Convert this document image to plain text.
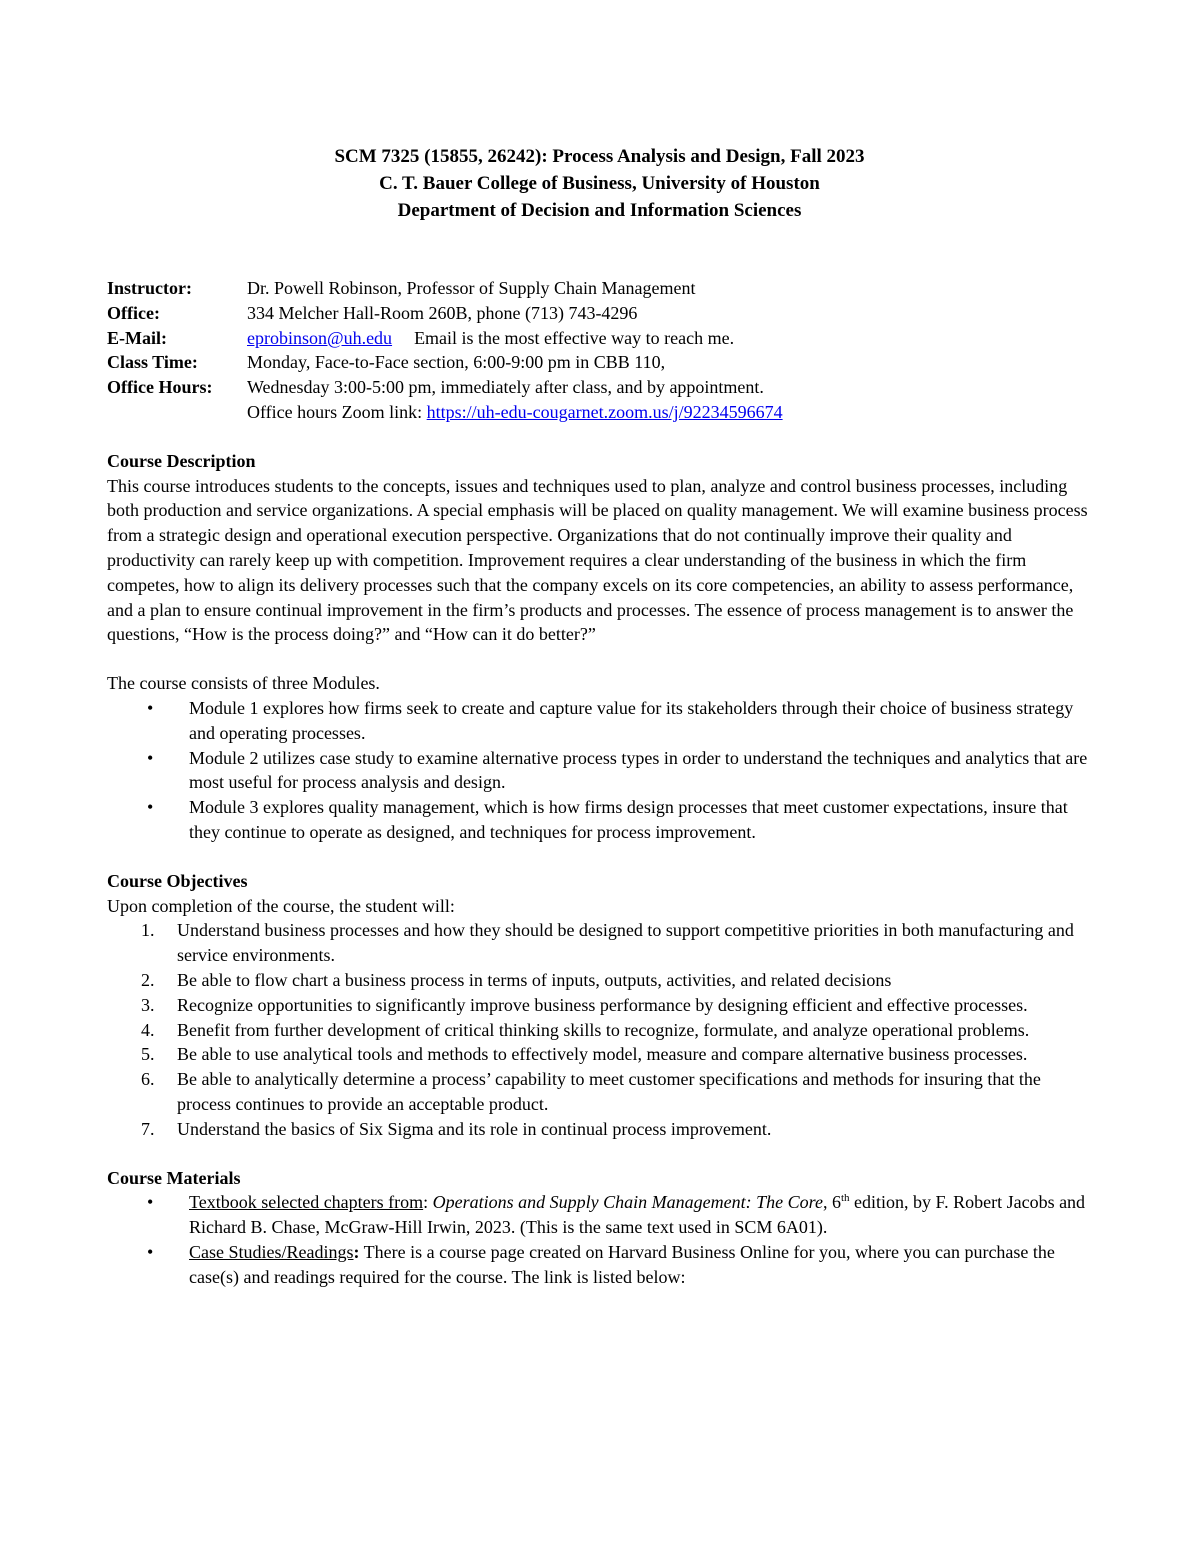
SCM 7325 (15855, 26242): Process Analysis and Design, Fall 2023
C. T. Bauer College of Business, University of Houston
Department of Decision and Information Sciences
Instructor:	Dr. Powell Robinson, Professor of Supply Chain Management
Office:	334 Melcher Hall-Room 260B, phone (713) 743-4296
E-Mail:	eprobinson@uh.edu Email is the most effective way to reach me.
Class Time:	Monday, Face-to-Face section, 6:00-9:00 pm in CBB 110,
Office Hours:	Wednesday 3:00-5:00 pm, immediately after class, and by appointment.
Office hours Zoom link: https://uh-edu-cougarnet.zoom.us/j/92234596674
Course Description
This course introduces students to the concepts, issues and techniques used to plan, analyze and control business processes, including both production and service organizations. A special emphasis will be placed on quality management. We will examine business process from a strategic design and operational execution perspective. Organizations that do not continually improve their quality and productivity can rarely keep up with competition. Improvement requires a clear understanding of the business in which the firm competes, how to align its delivery processes such that the company excels on its core competencies, an ability to assess performance, and a plan to ensure continual improvement in the firm’s products and processes. The essence of process management is to answer the questions, “How is the process doing?” and “How can it do better?”
The course consists of three Modules.
• Module 1 explores how firms seek to create and capture value for its stakeholders through their choice of business strategy and operating processes.
• Module 2 utilizes case study to examine alternative process types in order to understand the techniques and analytics that are most useful for process analysis and design.
• Module 3 explores quality management, which is how firms design processes that meet customer expectations, insure that they continue to operate as designed, and techniques for process improvement.
Course Objectives
Upon completion of the course, the student will:
1. Understand business processes and how they should be designed to support competitive priorities in both manufacturing and service environments.
2. Be able to flow chart a business process in terms of inputs, outputs, activities, and related decisions
3. Recognize opportunities to significantly improve business performance by designing efficient and effective processes.
4. Benefit from further development of critical thinking skills to recognize, formulate, and analyze operational problems.
5. Be able to use analytical tools and methods to effectively model, measure and compare alternative business processes.
6. Be able to analytically determine a process’ capability to meet customer specifications and methods for insuring that the process continues to provide an acceptable product.
7. Understand the basics of Six Sigma and its role in continual process improvement.
Course Materials
• Textbook selected chapters from: Operations and Supply Chain Management: The Core, 6th edition, by F. Robert Jacobs and Richard B. Chase, McGraw-Hill Irwin, 2023. (This is the same text used in SCM 6A01).
• Case Studies/Readings: There is a course page created on Harvard Business Online for you, where you can purchase the case(s) and readings required for the course. The link is listed below:
